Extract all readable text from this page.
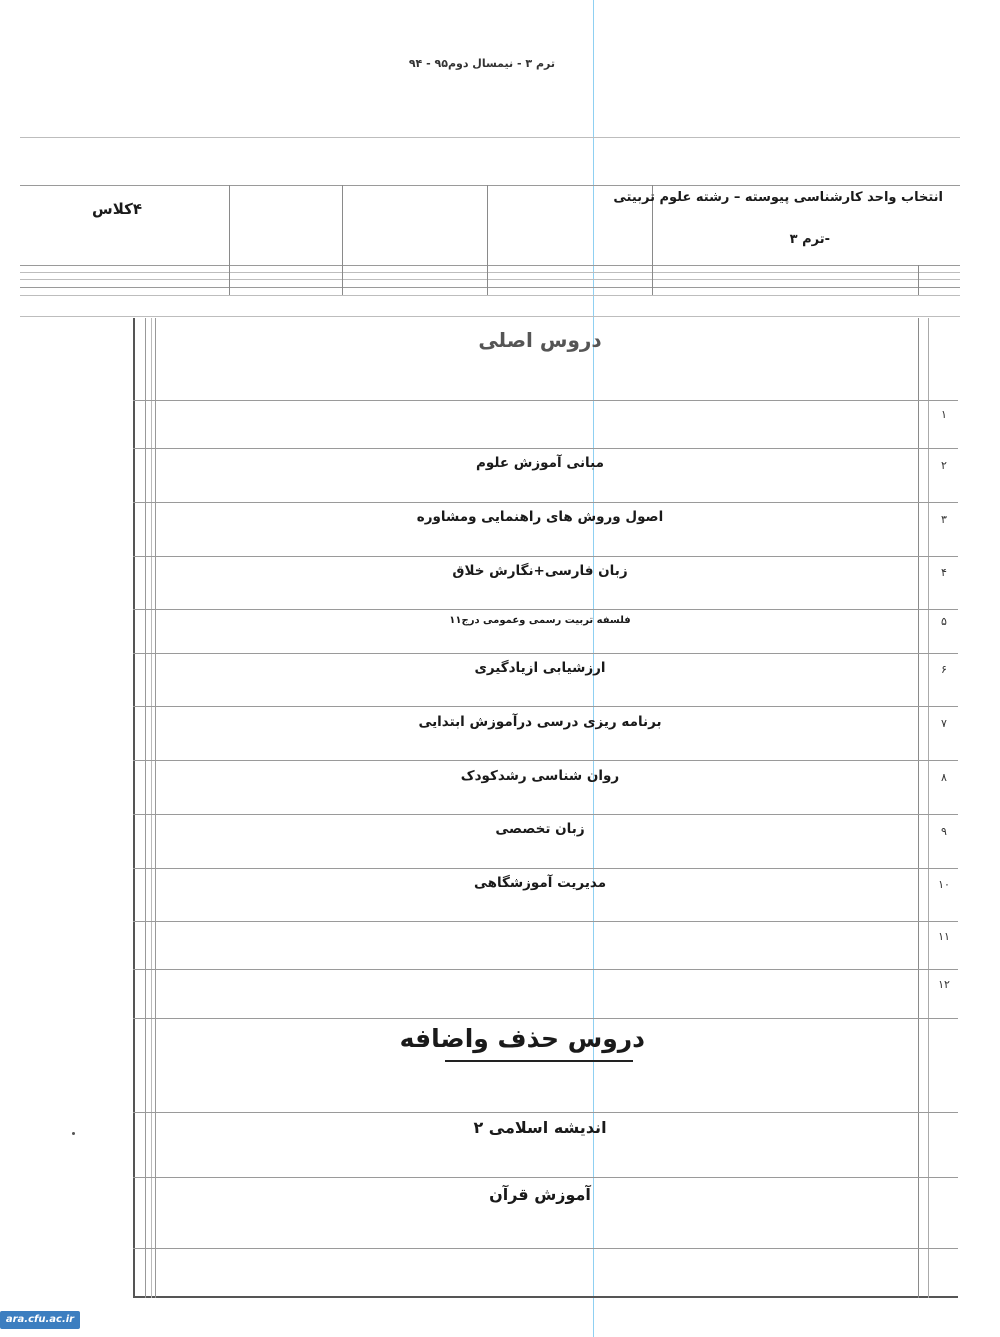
ترم ۳ - نیمسال دوم۹۵ - ۹۴
۴کلاس
انتخاب واحد کارشناسی پیوسته – رشته علوم تربیتی
-ترم ۳
دروس اصلی
۱
۲
۳
۴
۵
۶
۷
۸
۹
۱۰
۱۱
۱۲
مبانی آموزش علوم
اصول وروش های راهنمایی ومشاوره
زبان فارسی+نگارش خلاق
فلسفه تربیت رسمی وعمومی درج۱۱
ارزشیابی ازیادگیری
برنامه ریزی درسی درآموزش ابتدایی
روان شناسی رشدکودک
زبان تخصصی
مدیریت آموزشگاهی
دروس حذف واضافه
اندیشه اسلامی ۲
آموزش قرآن
ara.cfu.ac.ir
